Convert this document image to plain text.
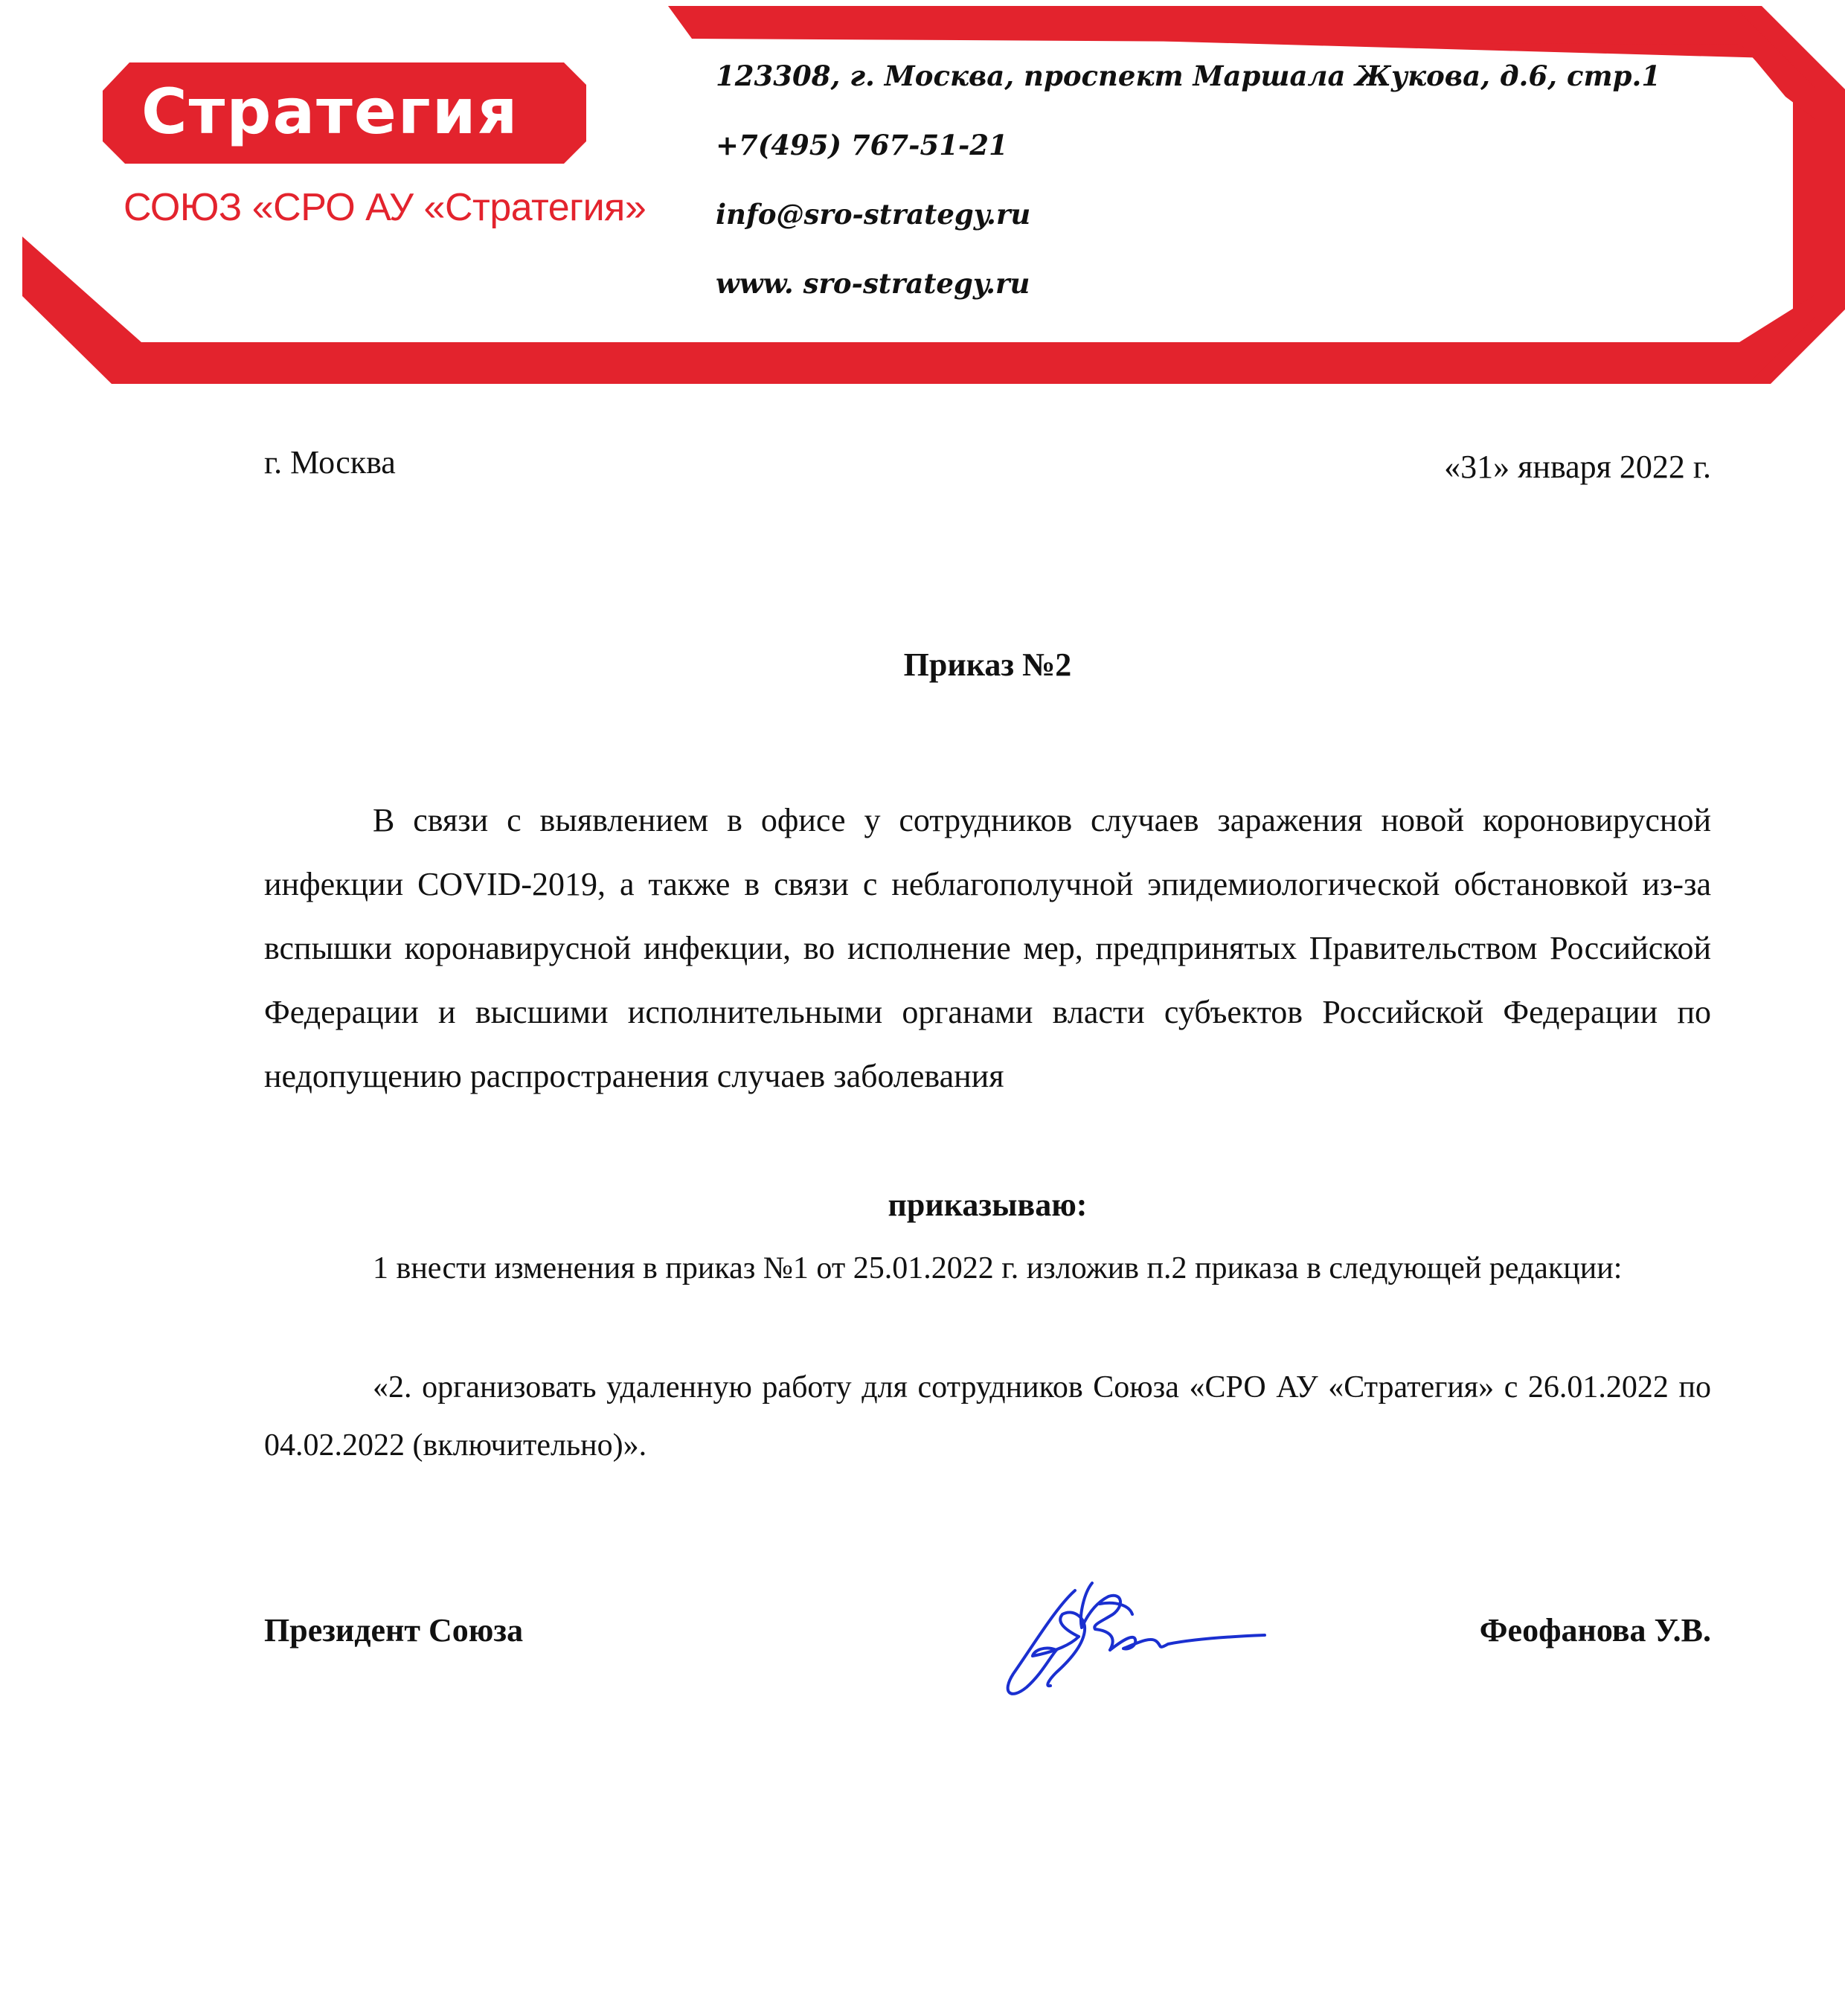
Стратегия
СОЮЗ «СРО АУ «Стратегия»
123308, г. Москва, проспект Маршала Жукова, д.6, стр.1
+7(495) 767-51-21
info@sro-strategy.ru
www. sro-strategy.ru
г. Москва	«31» января 2022 г.
Приказ №2
В связи с выявлением в офисе у сотрудников случаев заражения новой короновирусной инфекции COVID-2019, а также в связи с неблагополучной эпидемиологической обстановкой из-за вспышки коронавирусной инфекции, во исполнение мер, предпринятых Правительством Российской Федерации и высшими исполнительными органами власти субъектов Российской Федерации по недопущению распространения случаев заболевания
приказываю:
1 внести изменения в приказ №1 от 25.01.2022 г. изложив п.2 приказа в следующей редакции:
«2. организовать удаленную работу для сотрудников Союза «СРО АУ «Стратегия» с 26.01.2022 по 04.02.2022 (включительно)».
Президент Союза	Феофанова У.В.
